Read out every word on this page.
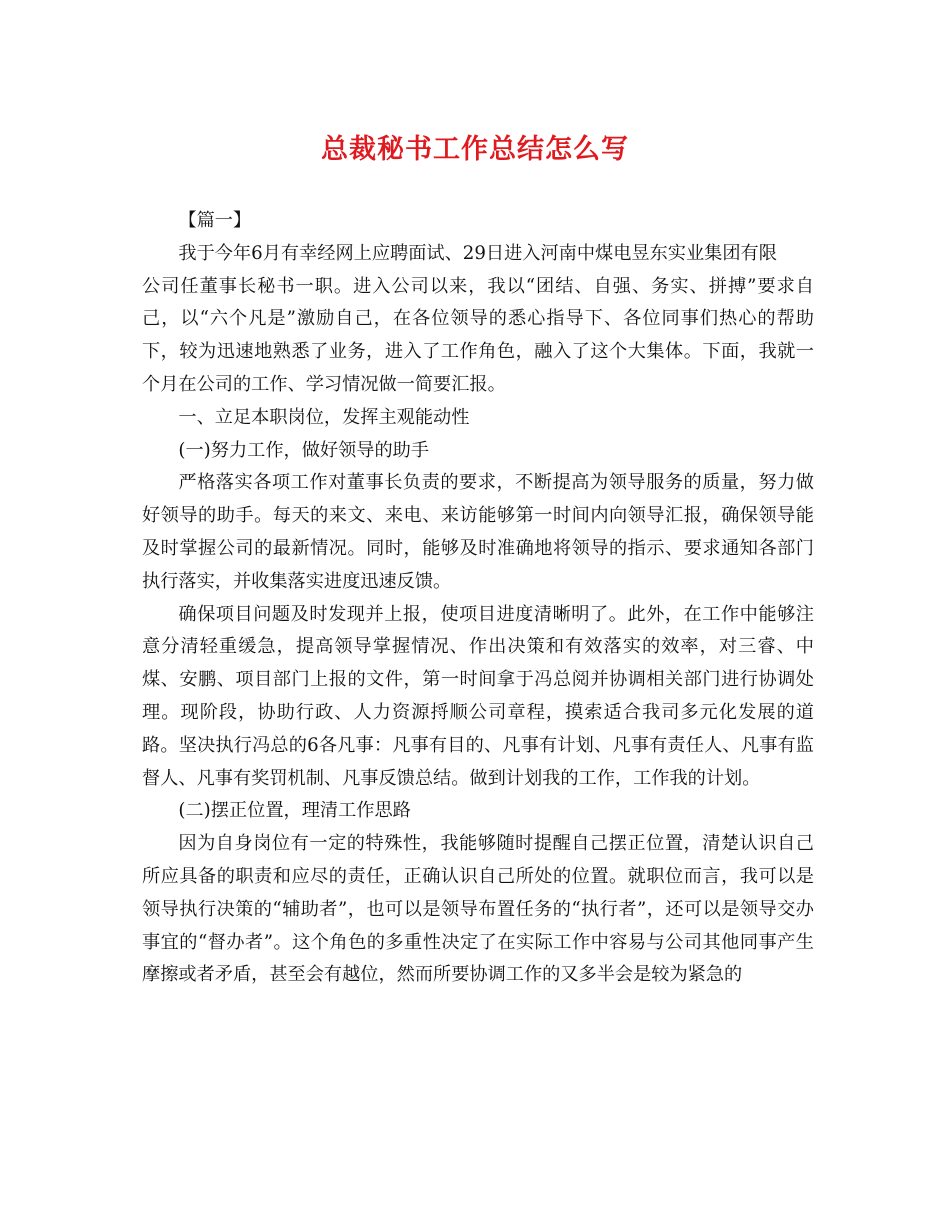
总裁秘书工作总结怎么写

【篇一】

我于今年6月有幸经网上应聘面试、29日进入河南中煤电昱东实业集团有限

公司任董事长秘书一职。进入公司以来，我以“团结、自强、务实、拼搏”要求自己，以“六个凡是”激励自己，在各位领导的悉心指导下、各位同事们热心的帮助下，较为迅速地熟悉了业务，进入了工作角色，融入了这个大集体。下面，我就一个月在公司的工作、学习情况做一简要汇报。

一、立足本职岗位，发挥主观能动性

(一)努力工作，做好领导的助手

严格落实各项工作对董事长负责的要求，不断提高为领导服务的质量，努力做好领导的助手。每天的来文、来电、来访能够第一时间内向领导汇报，确保领导能及时掌握公司的最新情况。同时，能够及时准确地将领导的指示、要求通知各部门执行落实，并收集落实进度迅速反馈。

确保项目问题及时发现并上报，使项目进度清晰明了。此外，在工作中能够注意分清轻重缓急，提高领导掌握情况、作出决策和有效落实的效率，对三睿、中煤、安鹏、项目部门上报的文件，第一时间拿于冯总阅并协调相关部门进行协调处理。现阶段，协助行政、人力资源捋顺公司章程，摸索适合我司多元化发展的道路。坚决执行冯总的6各凡事：凡事有目的、凡事有计划、凡事有责任人、凡事有监督人、凡事有奖罚机制、凡事反馈总结。做到计划我的工作，工作我的计划。

(二)摆正位置，理清工作思路

因为自身岗位有一定的特殊性，我能够随时提醒自己摆正位置，清楚认识自己所应具备的职责和应尽的责任，正确认识自己所处的位置。就职位而言，我可以是领导执行决策的“辅助者”，也可以是领导布置任务的“执行者”，还可以是领导交办事宜的“督办者”。这个角色的多重性决定了在实际工作中容易与公司其他同事产生摩擦或者矛盾，甚至会有越位，然而所要协调工作的又多半会是较为紧急的
